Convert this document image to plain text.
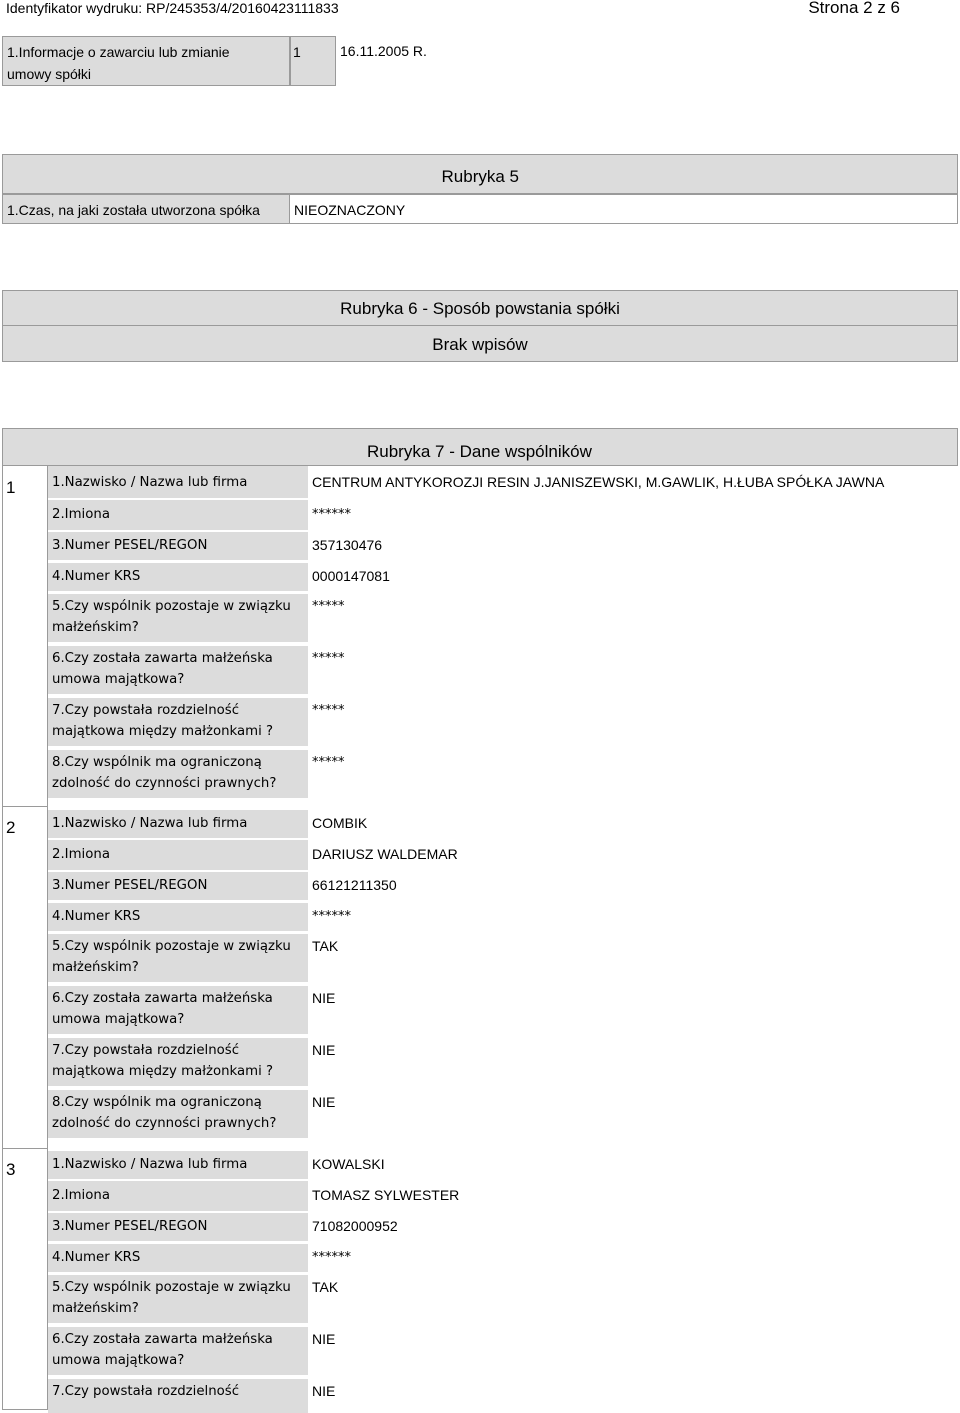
Identyfikator wydruku: RP/245353/4/20160423111833	Strona 2 z 6
1.Informacje o zawarciu lub zmianie
umowy spółki
1	16.11.2005 R.
Rubryka 5
1.Czas, na jaki została utworzona spółka NIEOZNACZONY
Rubryka 6 - Sposób powstania spółki
Brak wpisów
Rubryka 7 - Dane wspólników
1
2
3
1.Nazwisko / Nazwa lub firma	CENTRUM ANTYKOROZJI RESIN J.JANISZEWSKI, M.GAWLIK, H.ŁUBA SPÓŁKA JAWNA
2.Imiona	******
3.Numer PESEL/REGON	357130476
4.Numer KRS	0000147081
5.Czy wspólnik pozostaje w związku
małżeńskim?
*****
6.Czy została zawarta małżeńska
umowa majątkowa?
*****
7.Czy powstała rozdzielność
majątkowa między małżonkami ?
*****
8.Czy wspólnik ma ograniczoną
zdolność do czynności prawnych?
*****
1.Nazwisko / Nazwa lub firma	COMBIK
2.Imiona	DARIUSZ WALDEMAR
3.Numer PESEL/REGON	66121211350
4.Numer KRS	******
5.Czy wspólnik pozostaje w związku
małżeńskim?
TAK
6.Czy została zawarta małżeńska
umowa majątkowa?
NIE
7.Czy powstała rozdzielność
majątkowa między małżonkami ?
NIE
8.Czy wspólnik ma ograniczoną
zdolność do czynności prawnych?
NIE
1.Nazwisko / Nazwa lub firma	KOWALSKI
2.Imiona	TOMASZ SYLWESTER
3.Numer PESEL/REGON	71082000952
4.Numer KRS	******
5.Czy wspólnik pozostaje w związku
małżeńskim?
TAK
6.Czy została zawarta małżeńska
umowa majątkowa?
NIE
7.Czy powstała rozdzielność	NIE
